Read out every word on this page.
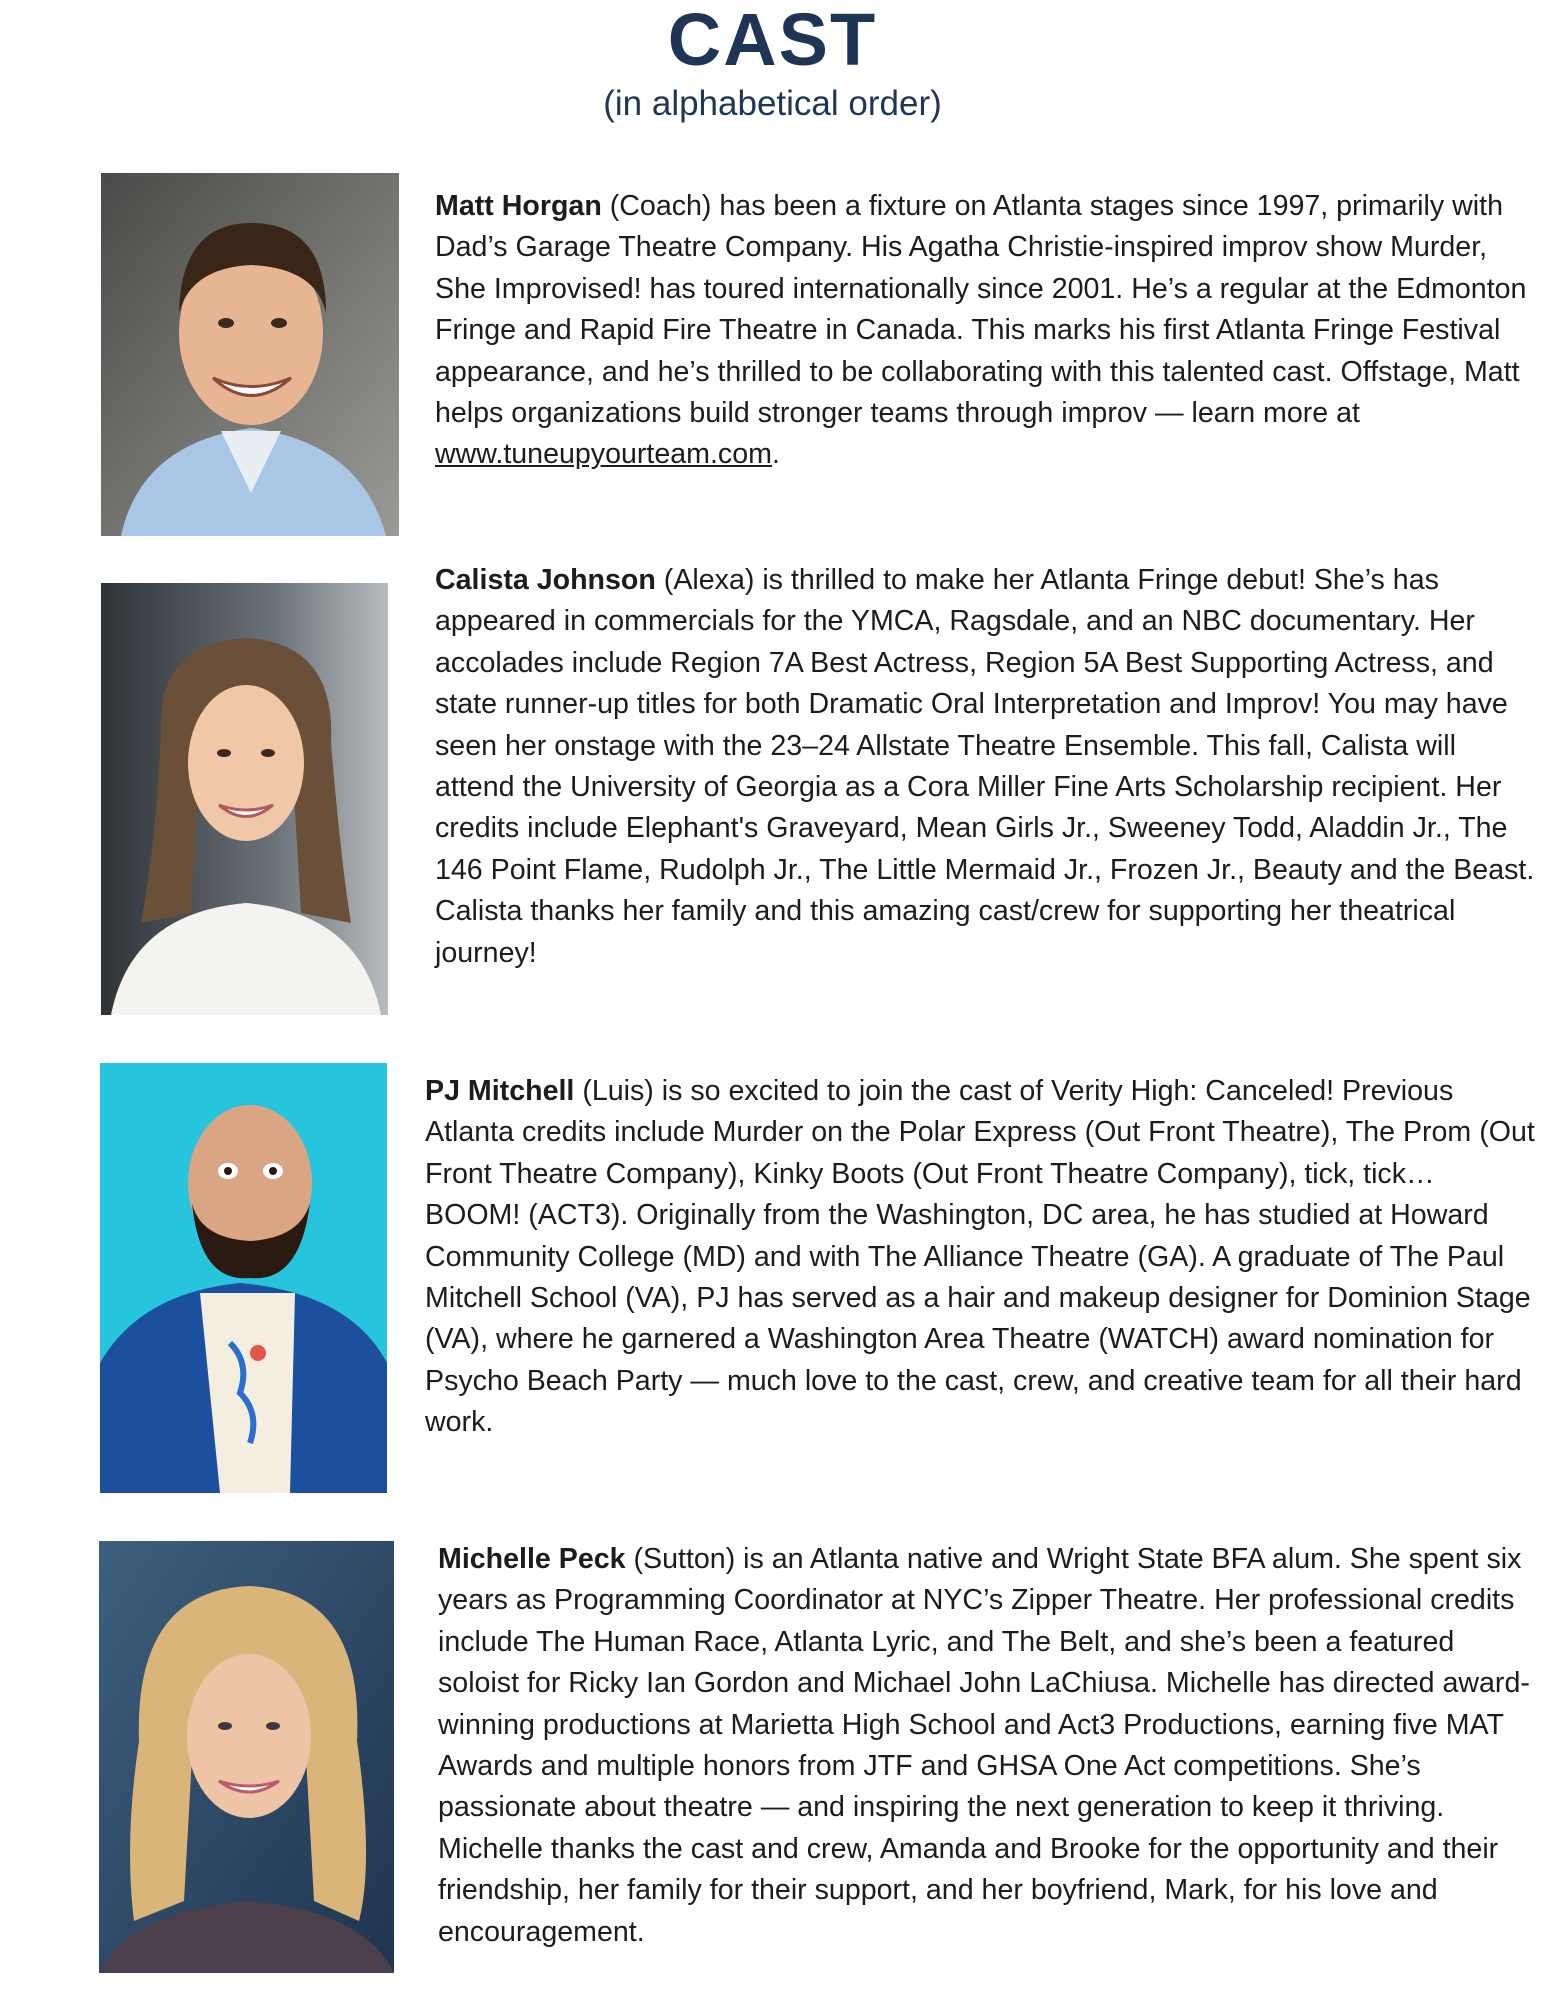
CAST
(in alphabetical order)

Matt Horgan (Coach) has been a fixture on Atlanta stages since 1997, primarily with Dad’s Garage Theatre Company. His Agatha Christie-inspired improv show Murder, She Improvised! has toured internationally since 2001. He’s a regular at the Edmonton Fringe and Rapid Fire Theatre in Canada. This marks his first Atlanta Fringe Festival appearance, and he’s thrilled to be collaborating with this talented cast. Offstage, Matt helps organizations build stronger teams through improv — learn more at www.tuneupyourteam.com.

Calista Johnson (Alexa) is thrilled to make her Atlanta Fringe debut! She’s has appeared in commercials for the YMCA, Ragsdale, and an NBC documentary. Her accolades include Region 7A Best Actress, Region 5A Best Supporting Actress, and state runner-up titles for both Dramatic Oral Interpretation and Improv! You may have seen her onstage with the 23–24 Allstate Theatre Ensemble. This fall, Calista will attend the University of Georgia as a Cora Miller Fine Arts Scholarship recipient. Her credits include Elephant's Graveyard, Mean Girls Jr., Sweeney Todd, Aladdin Jr., The 146 Point Flame, Rudolph Jr., The Little Mermaid Jr., Frozen Jr., Beauty and the Beast. Calista thanks her family and this amazing cast/crew for supporting her theatrical journey!

PJ Mitchell (Luis) is so excited to join the cast of Verity High: Canceled! Previous Atlanta credits include Murder on the Polar Express (Out Front Theatre), The Prom (Out Front Theatre Company), Kinky Boots (Out Front Theatre Company), tick, tick… BOOM! (ACT3). Originally from the Washington, DC area, he has studied at Howard Community College (MD) and with The Alliance Theatre (GA). A graduate of The Paul Mitchell School (VA), PJ has served as a hair and makeup designer for Dominion Stage (VA), where he garnered a Washington Area Theatre (WATCH) award nomination for Psycho Beach Party — much love to the cast, crew, and creative team for all their hard work.

Michelle Peck (Sutton) is an Atlanta native and Wright State BFA alum. She spent six years as Programming Coordinator at NYC’s Zipper Theatre. Her professional credits include The Human Race, Atlanta Lyric, and The Belt, and she’s been a featured soloist for Ricky Ian Gordon and Michael John LaChiusa. Michelle has directed award-winning productions at Marietta High School and Act3 Productions, earning five MAT Awards and multiple honors from JTF and GHSA One Act competitions. She’s passionate about theatre — and inspiring the next generation to keep it thriving. Michelle thanks the cast and crew, Amanda and Brooke for the opportunity and their friendship, her family for their support, and her boyfriend, Mark, for his love and encouragement.
